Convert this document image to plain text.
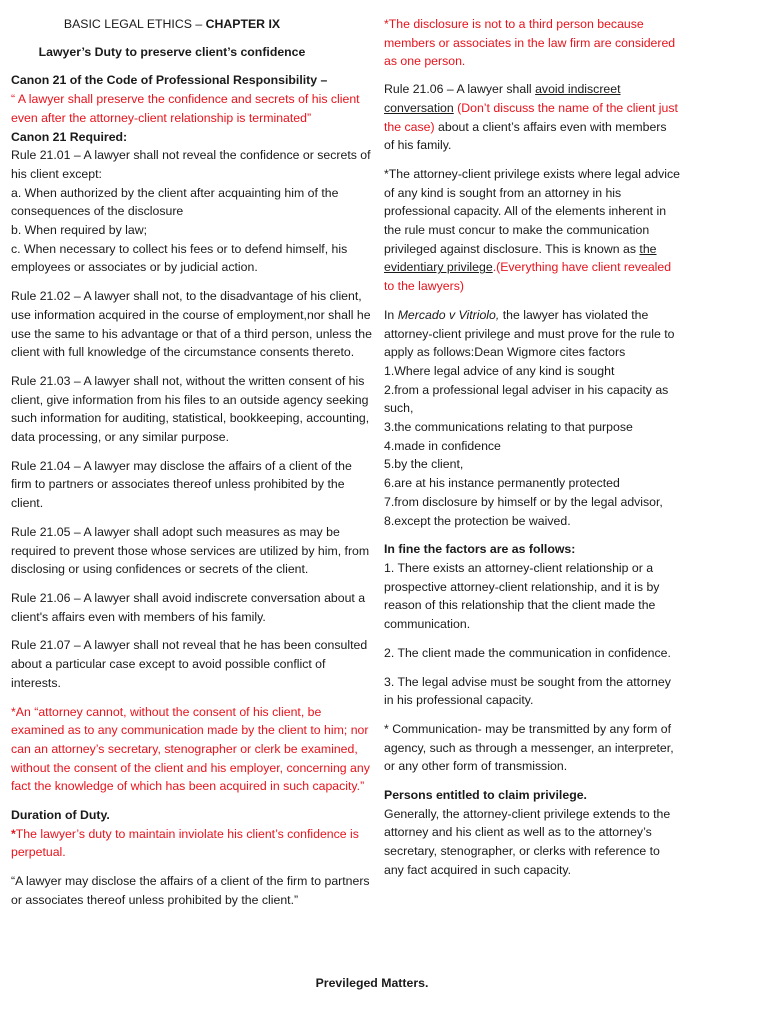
BASIC LEGAL ETHICS – CHAPTER IX

Lawyer’s Duty to preserve client’s confidence

Canon 21 of the Code of Professional Responsibility –
“ A lawyer shall preserve the confidence and secrets of his client even after the attorney-client relationship is terminated”
Canon 21 Required:
Rule 21.01 – A lawyer shall not reveal the confidence or secrets of his client except:
a. When authorized by the client after acquainting him of the consequences of the disclosure
b. When required by law;
c. When necessary to collect his fees or to defend himself, his employees or associates or by judicial action.

Rule 21.02 – A lawyer shall not, to the disadvantage of his client, use information acquired in the course of employment,nor shall he use the same to his advantage or that of a third person, unless the client with full knowledge of the circumstance consents thereto.

Rule 21.03 – A lawyer shall not, without the written consent of his client, give information from his files to an outside agency seeking such information for auditing, statistical, bookkeeping, accounting, data processing, or any similar purpose.

Rule 21.04 – A lawyer may disclose the affairs of a client of the firm to partners or associates thereof unless prohibited by the client.

Rule 21.05 – A lawyer shall adopt such measures as may be required to prevent those whose services are utilized by him, from disclosing or using confidences or secrets of the client.

Rule 21.06 – A lawyer shall avoid indiscrete conversation about a client's affairs even with members of his family.

Rule 21.07 – A lawyer shall not reveal that he has been consulted about a particular case except to avoid possible conflict of interests.

*An “attorney cannot, without the consent of his client, be examined as to any communication made by the client to him; nor can an attorney’s secretary, stenographer or clerk be examined, without the consent of the client and his employer, concerning any fact the knowledge of which has been acquired in such capacity.”

Duration of Duty.
*The lawyer’s duty to maintain inviolate his client’s confidence is perpetual.

“A lawyer may disclose the affairs of a client of the firm to partners or associates thereof unless prohibited by the client.”

*The disclosure is not to a third person because members or associates in the law firm are considered as one person.

Rule 21.06 – A lawyer shall avoid indiscreet conversation (Don’t discuss the name of the client just the case) about a client’s affairs even with members of his family.

*The attorney-client privilege exists where legal advice of any kind is sought from an attorney in his professional capacity. All of the elements inherent in the rule must concur to make the communication privileged against disclosure. This is known as the evidentiary privilege.(Everything have client revealed to the lawyers)

In Mercado v Vitriolo, the lawyer has violated the attorney-client privilege and must prove for the rule to apply as follows:Dean Wigmore cites factors
1.Where legal advice of any kind is sought
2.from a professional legal adviser in his capacity as such,
3.the communications relating to that purpose
4.made in confidence
5.by the client,
6.are at his instance permanently protected
7.from disclosure by himself or by the legal advisor,
8.except the protection be waived.
In fine the factors are as follows:
1. There exists an attorney-client relationship or a prospective attorney-client relationship, and it is by reason of this relationship that the client made the communication.

2. The client made the communication in confidence.

3. The legal advise must be sought from the attorney in his professional capacity.

* Communication- may be transmitted by any form of agency, such as through a messenger, an interpreter, or any other form of transmission.

Persons entitled to claim privilege.
Generally, the attorney-client privilege extends to the attorney and his client as well as to the attorney’s secretary, stenographer, or clerks with reference to any fact acquired in such capacity.
Previleged Matters.
